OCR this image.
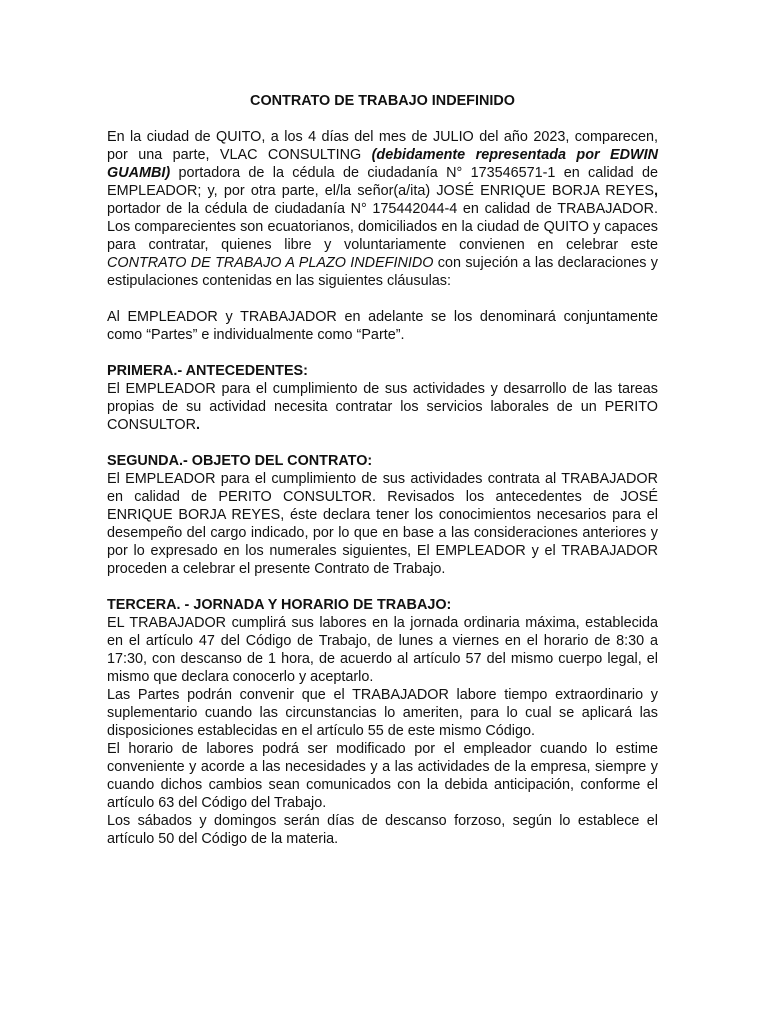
CONTRATO DE TRABAJO INDEFINIDO

En la ciudad de QUITO, a los 4 días del mes de JULIO del año 2023, comparecen, por una parte, VLAC CONSULTING (debidamente representada por EDWIN GUAMBI) portadora de la cédula de ciudadanía N° 173546571-1 en calidad de EMPLEADOR; y, por otra parte, el/la señor(a/ita) JOSÉ ENRIQUE BORJA REYES, portador de la cédula de ciudadanía N° 175442044-4 en calidad de TRABAJADOR. Los comparecientes son ecuatorianos, domiciliados en la ciudad de QUITO y capaces para contratar, quienes libre y voluntariamente convienen en celebrar este CONTRATO DE TRABAJO A PLAZO INDEFINIDO con sujeción a las declaraciones y estipulaciones contenidas en las siguientes cláusulas:

Al EMPLEADOR y TRABAJADOR en adelante se los denominará conjuntamente como “Partes” e individualmente como “Parte”.

PRIMERA.- ANTECEDENTES:

El EMPLEADOR para el cumplimiento de sus actividades y desarrollo de las tareas propias de su actividad necesita contratar los servicios laborales de un PERITO CONSULTOR.

SEGUNDA.- OBJETO DEL CONTRATO:

El EMPLEADOR para el cumplimiento de sus actividades contrata al TRABAJADOR en calidad de PERITO CONSULTOR. Revisados los antecedentes de JOSÉ ENRIQUE BORJA REYES, éste declara tener los conocimientos necesarios para el desempeño del cargo indicado, por lo que en base a las consideraciones anteriores y por lo expresado en los numerales siguientes, El EMPLEADOR y el TRABAJADOR proceden a celebrar el presente Contrato de Trabajo.

TERCERA. - JORNADA Y HORARIO DE TRABAJO:

EL TRABAJADOR cumplirá sus labores en la jornada ordinaria máxima, establecida en el artículo 47 del Código de Trabajo, de lunes a viernes en el horario de 8:30 a 17:30, con descanso de 1 hora, de acuerdo al artículo 57 del mismo cuerpo legal, el mismo que declara conocerlo y aceptarlo.

Las Partes podrán convenir que el TRABAJADOR labore tiempo extraordinario y suplementario cuando las circunstancias lo ameriten, para lo cual se aplicará las disposiciones establecidas en el artículo 55 de este mismo Código.

El horario de labores podrá ser modificado por el empleador cuando lo estime conveniente y acorde a las necesidades y a las actividades de la empresa, siempre y cuando dichos cambios sean comunicados con la debida anticipación, conforme el artículo 63 del Código del Trabajo.

Los sábados y domingos serán días de descanso forzoso, según lo establece el artículo 50 del Código de la materia.
